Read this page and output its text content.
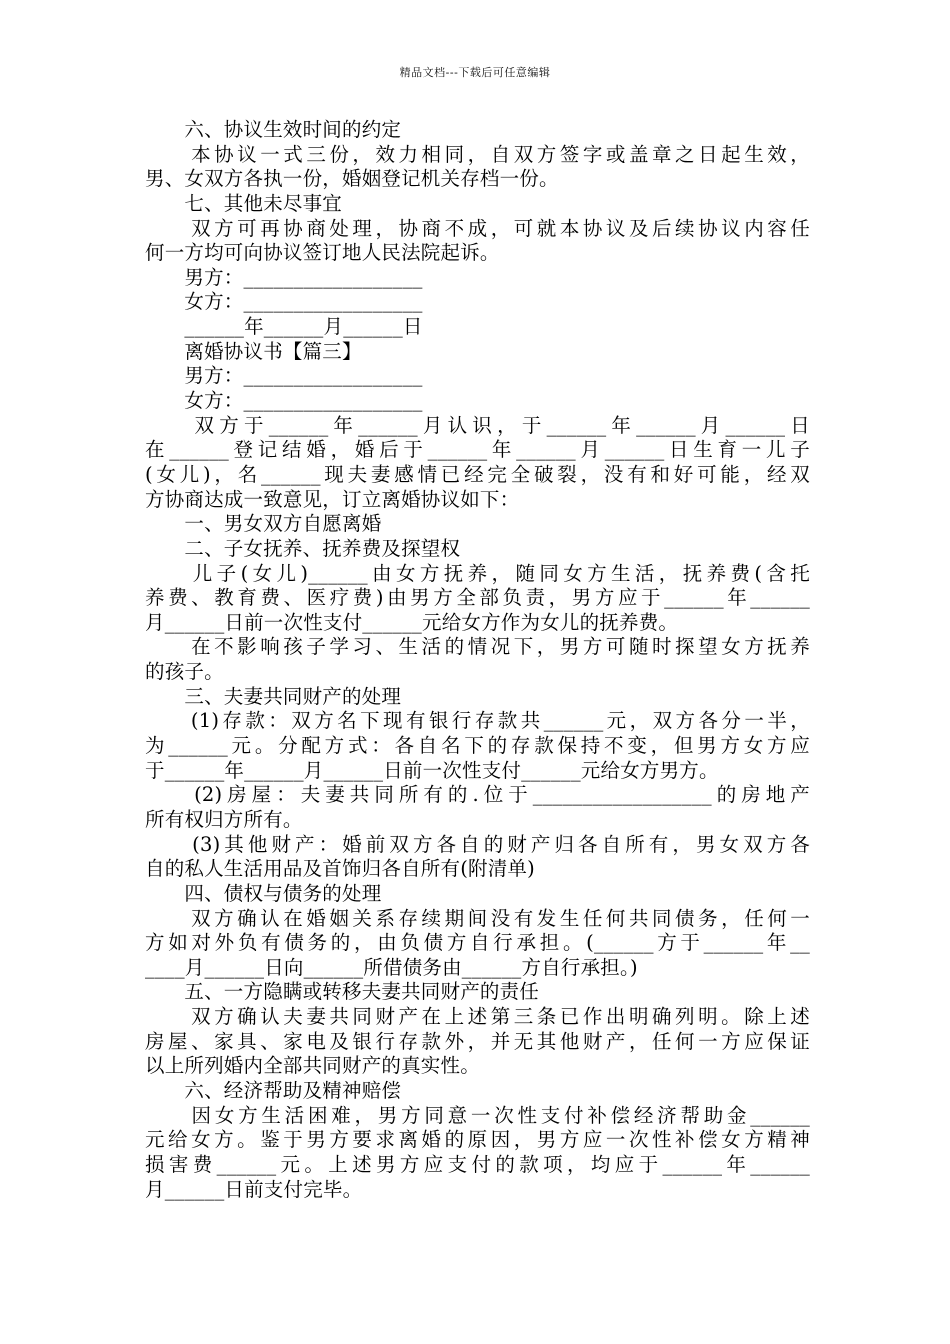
精品文档---下载后可任意编辑
　　六、协议生效时间的约定
　　本协议一式三份，效力相同，自双方签字或盖章之日起生效，
男、女双方各执一份，婚姻登记机关存档一份。
　　七、其他未尽事宜
　　双方可再协商处理，协商不成，可就本协议及后续协议内容任
何一方均可向协议签订地人民法院起诉。
　　男方：__________________
　　女方：__________________
　　______年______月______日
　　离婚协议书【篇三】
　　男方：__________________
　　女方：__________________
　　双方于______年______月认识，于______年______月______日
在______登记结婚，婚后于______年______月______日生育一儿子
(女儿)，名______现夫妻感情已经完全破裂，没有和好可能，经双
方协商达成一致意见，订立离婚协议如下：
　　一、男女双方自愿离婚
　　二、子女抚养、抚养费及探望权
　　儿子(女儿)______由女方抚养，随同女方生活，抚养费(含托
养费、教育费、医疗费)由男方全部负责，男方应于______年______
月______日前一次性支付______元给女方作为女儿的抚养费。
　　在不影响孩子学习、生活的情况下，男方可随时探望女方抚养
的孩子。
　　三、夫妻共同财产的处理
　　(1)存款：双方名下现有银行存款共______元，双方各分一半，
为______元。分配方式：各自名下的存款保持不变，但男方女方应
于______年______月______日前一次性支付______元给女方男方。
　　(2)房屋：夫妻共同所有的.位于__________________的房地产
所有权归方所有。
　　(3)其他财产：婚前双方各自的财产归各自所有，男女双方各
自的私人生活用品及首饰归各自所有(附清单)
　　四、债权与债务的处理
　　双方确认在婚姻关系存续期间没有发生任何共同债务，任何一
方如对外负有债务的，由负债方自行承担。(______方于______年__
____月______日向______所借债务由______方自行承担。)
　　五、一方隐瞒或转移夫妻共同财产的责任
　　双方确认夫妻共同财产在上述第三条已作出明确列明。除上述
房屋、家具、家电及银行存款外，并无其他财产，任何一方应保证
以上所列婚内全部共同财产的真实性。
　　六、经济帮助及精神赔偿
　　因女方生活困难，男方同意一次性支付补偿经济帮助金______
元给女方。鉴于男方要求离婚的原因，男方应一次性补偿女方精神
损害费______元。上述男方应支付的款项，均应于______年______
月______日前支付完毕。
